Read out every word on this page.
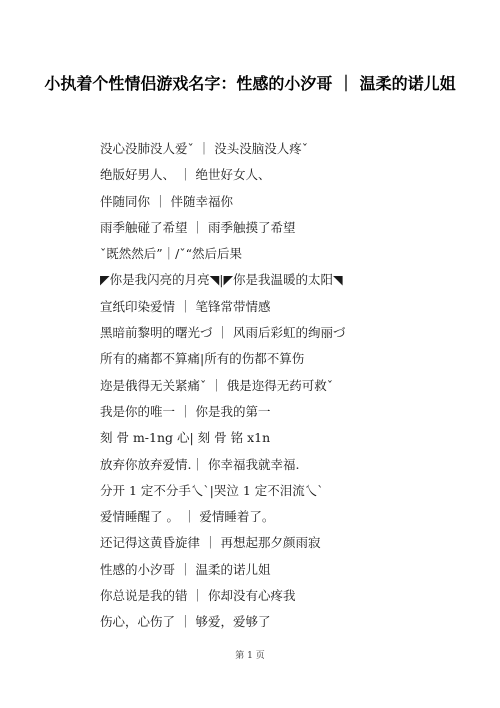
小执着个性情侣游戏名字：性感的小汐哥 ｜ 温柔的诺儿姐
没心没肺没人爱ˇ ｜ 没头没脑没人疼ˇ
绝版好男人、 ｜ 绝世好女人、
伴随同你 ｜ 伴随幸福你
雨季触碰了希望 ｜ 雨季触摸了希望
ˇ既然然后”｜/ˇ“然后后果
◤你是我闪亮的月亮◥|◤你是我温暖的太阳◥
宣纸印染爱情 ｜ 笔锋常带情感
黑暗前黎明的曙光づ ｜ 风雨后彩虹的绚丽づ
所有的痛都不算痛|所有的伤都不算伤
迩是俄得无关紧痛ˇ ｜ 俄是迩得无药可救ˇ
我是你的唯一 ｜ 你是我的第一
刻 骨 m-1ng 心| 刻 骨 铭 x1n
放弃你放弃爱情.｜ 你幸福我就幸福.
分开 1 定不分手乀ˋ|哭泣 1 定不泪流乀ˋ
爱情睡醒了 。 ｜ 爱情睡着了。
还记得这黄昏旋律 ｜ 再想起那夕颜雨寂
性感的小汐哥 ｜ 温柔的诺儿姐
你总说是我的错 ｜ 你却没有心疼我
伤心，心伤了 ｜ 够爱，爱够了
第 1 页
